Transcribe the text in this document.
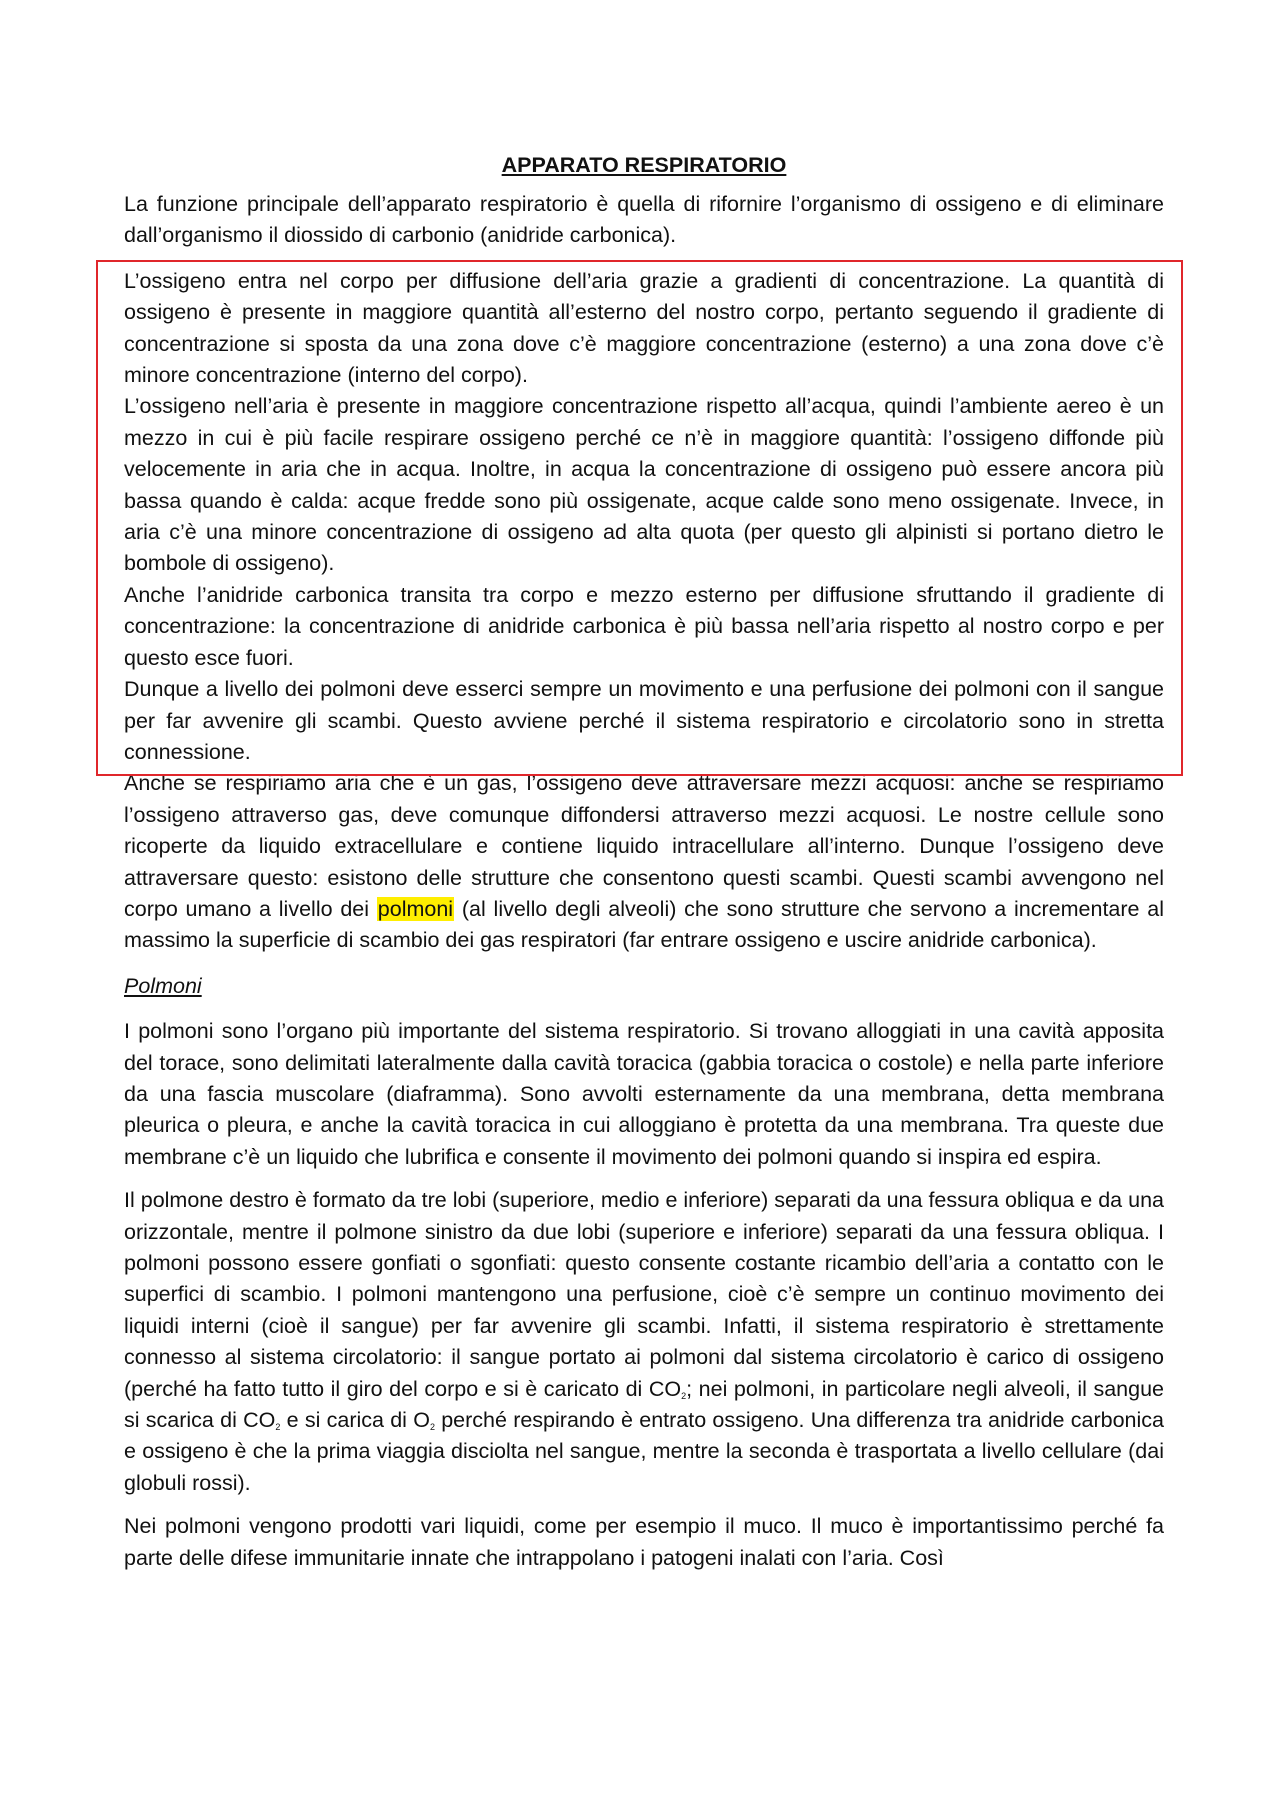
APPARATO RESPIRATORIO

La funzione principale dell’apparato respiratorio è quella di rifornire l’organismo di ossigeno e di eliminare dall’organismo il diossido di carbonio (anidride carbonica).

L’ossigeno entra nel corpo per diffusione dell’aria grazie a gradienti di concentrazione. La quantità di ossigeno è presente in maggiore quantità all’esterno del nostro corpo, pertanto seguendo il gradiente di concentrazione si sposta da una zona dove c’è maggiore concentrazione (esterno) a una zona dove c’è minore concentrazione (interno del corpo).

L’ossigeno nell’aria è presente in maggiore concentrazione rispetto all’acqua, quindi l’ambiente aereo è un mezzo in cui è più facile respirare ossigeno perché ce n’è in maggiore quantità: l’ossigeno diffonde più velocemente in aria che in acqua. Inoltre, in acqua la concentrazione di ossigeno può essere ancora più bassa quando è calda: acque fredde sono più ossigenate, acque calde sono meno ossigenate. Invece, in aria c’è una minore concentrazione di ossigeno ad alta quota (per questo gli alpinisti si portano dietro le bombole di ossigeno).

Anche l’anidride carbonica transita tra corpo e mezzo esterno per diffusione sfruttando il gradiente di concentrazione: la concentrazione di anidride carbonica è più bassa nell’aria rispetto al nostro corpo e per questo esce fuori.

Dunque a livello dei polmoni deve esserci sempre un movimento e una perfusione dei polmoni con il sangue per far avvenire gli scambi. Questo avviene perché il sistema respiratorio e circolatorio sono in stretta connessione.

Anche se respiriamo aria che è un gas, l’ossigeno deve attraversare mezzi acquosi: anche se respiriamo l’ossigeno attraverso gas, deve comunque diffondersi attraverso mezzi acquosi. Le nostre cellule sono ricoperte da liquido extracellulare e contiene liquido intracellulare all’interno. Dunque l’ossigeno deve attraversare questo: esistono delle strutture che consentono questi scambi. Questi scambi avvengono nel corpo umano a livello dei polmoni (al livello degli alveoli) che sono strutture che servono a incrementare al massimo la superficie di scambio dei gas respiratori (far entrare ossigeno e uscire anidride carbonica).

Polmoni

I polmoni sono l’organo più importante del sistema respiratorio. Si trovano alloggiati in una cavità apposita del torace, sono delimitati lateralmente dalla cavità toracica (gabbia toracica o costole) e nella parte inferiore da una fascia muscolare (diaframma). Sono avvolti esternamente da una membrana, detta membrana pleurica o pleura, e anche la cavità toracica in cui alloggiano è protetta da una membrana. Tra queste due membrane c’è un liquido che lubrifica e consente il movimento dei polmoni quando si inspira ed espira.

Il polmone destro è formato da tre lobi (superiore, medio e inferiore) separati da una fessura obliqua e da una orizzontale, mentre il polmone sinistro da due lobi (superiore e inferiore) separati da una fessura obliqua. I polmoni possono essere gonfiati o sgonfiati: questo consente costante ricambio dell’aria a contatto con le superfici di scambio. I polmoni mantengono una perfusione, cioè c’è sempre un continuo movimento dei liquidi interni (cioè il sangue) per far avvenire gli scambi. Infatti, il sistema respiratorio è strettamente connesso al sistema circolatorio: il sangue portato ai polmoni dal sistema circolatorio è carico di ossigeno (perché ha fatto tutto il giro del corpo e si è caricato di $CO_2$; nei polmoni, in particolare negli alveoli, il sangue si scarica di $CO_2$ e si carica di $O_2$ perché respirando è entrato ossigeno. Una differenza tra anidride carbonica e ossigeno è che la prima viaggia disciolta nel sangue, mentre la seconda è trasportata a livello cellulare (dai globuli rossi).

Nei polmoni vengono prodotti vari liquidi, come per esempio il muco. Il muco è importantissimo perché fa parte delle difese immunitarie innate che intrappolano i patogeni inalati con l’aria. Così
